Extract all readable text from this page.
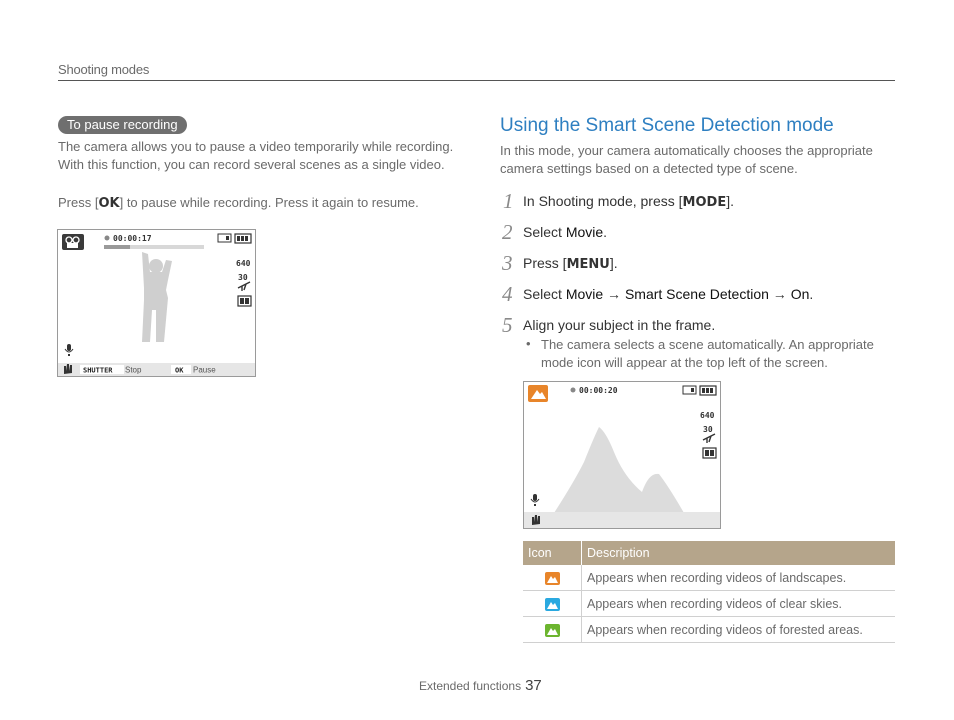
Shooting modes
To pause recording
The camera allows you to pause a video temporarily while recording. With this function, you can record several scenes as a single video.
Press [OK] to pause while recording. Press it again to resume.
00:00:17
640
30
SHUTTER Stop	OK Pause
Using the Smart Scene Detection mode
In this mode, your camera automatically chooses the appropriate camera settings based on a detected type of scene.
1 In Shooting mode, press [MODE].
2 Select Movie.
3 Press [MENU].
4 Select Movie → Smart Scene Detection → On.
5 Align your subject in the frame.
• The camera selects a scene automatically. An appropriate mode icon will appear at the top left of the screen.
00:00:20
640
30
Icon	Description
	Appears when recording videos of landscapes.
	Appears when recording videos of clear skies.
	Appears when recording videos of forested areas.
Extended functions 37
